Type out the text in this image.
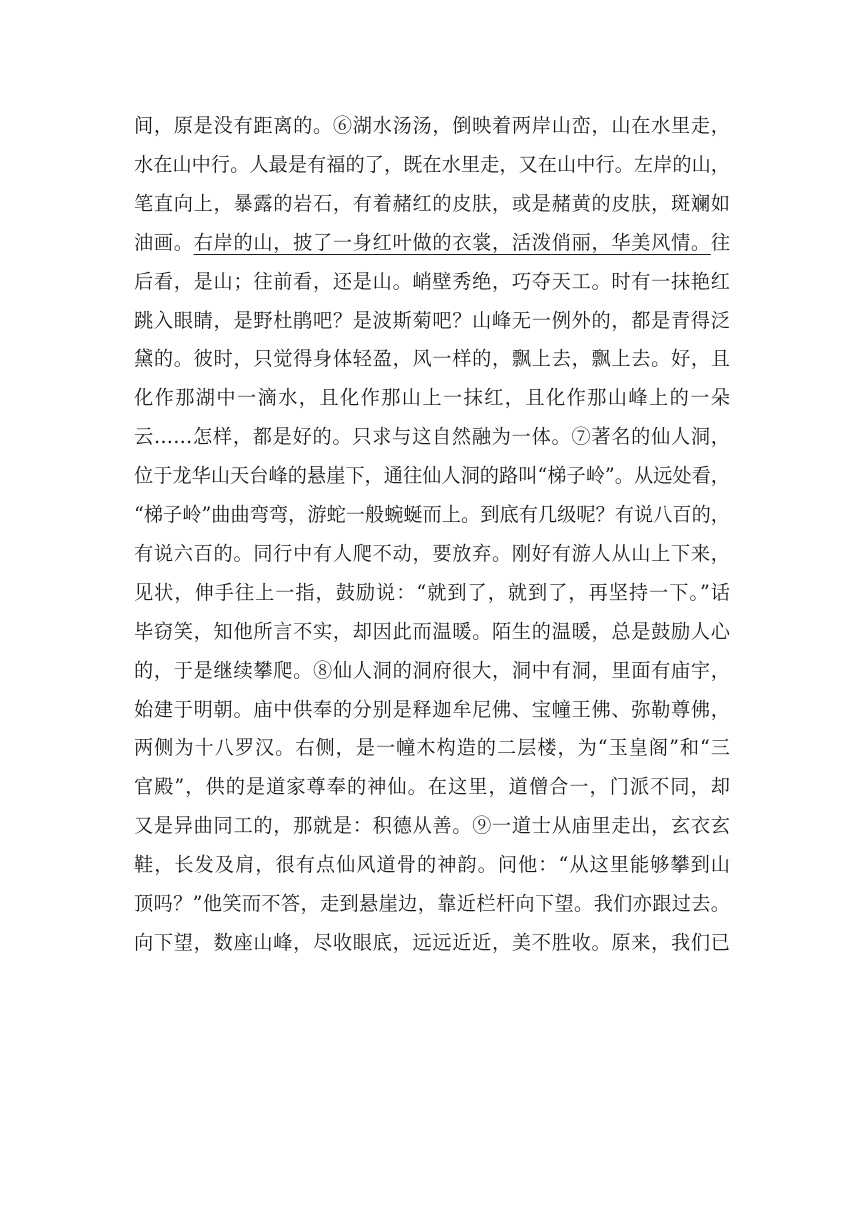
间，原是没有距离的。⑥湖水汤汤，倒映着两岸山峦，山在水里走，
水在山中行。人最是有福的了，既在水里走，又在山中行。左岸的山，
笔直向上，暴露的岩石，有着赭红的皮肤，或是赭黄的皮肤，斑斓如
油画。右岸的山，披了一身红叶做的衣裳，活泼俏丽，华美风情。往
后看，是山；往前看，还是山。峭壁秀绝，巧夺天工。时有一抹艳红
跳入眼睛，是野杜鹃吧？是波斯菊吧？山峰无一例外的，都是青得泛
黛的。彼时，只觉得身体轻盈，风一样的，飘上去，飘上去。好，且
化作那湖中一滴水，且化作那山上一抹红，且化作那山峰上的一朵
云……怎样，都是好的。只求与这自然融为一体。⑦著名的仙人洞，
位于龙华山天台峰的悬崖下，通往仙人洞的路叫“梯子岭”。从远处看，
“梯子岭”曲曲弯弯，游蛇一般蜿蜒而上。到底有几级呢？有说八百的，
有说六百的。同行中有人爬不动，要放弃。刚好有游人从山上下来，
见状，伸手往上一指，鼓励说：“就到了，就到了，再坚持一下。”话
毕窃笑，知他所言不实，却因此而温暖。陌生的温暖，总是鼓励人心
的，于是继续攀爬。⑧仙人洞的洞府很大，洞中有洞，里面有庙宇，
始建于明朝。庙中供奉的分别是释迦牟尼佛、宝幢王佛、弥勒尊佛，
两侧为十八罗汉。右侧，是一幢木构造的二层楼，为“玉皇阁”和“三
官殿”，供的是道家尊奉的神仙。在这里，道僧合一，门派不同，却
又是异曲同工的，那就是：积德从善。⑨一道士从庙里走出，玄衣玄
鞋，长发及肩，很有点仙风道骨的神韵。问他：“从这里能够攀到山
顶吗？”他笑而不答，走到悬崖边，靠近栏杆向下望。我们亦跟过去。
向下望，数座山峰，尽收眼底，远远近近，美不胜收。原来，我们已
